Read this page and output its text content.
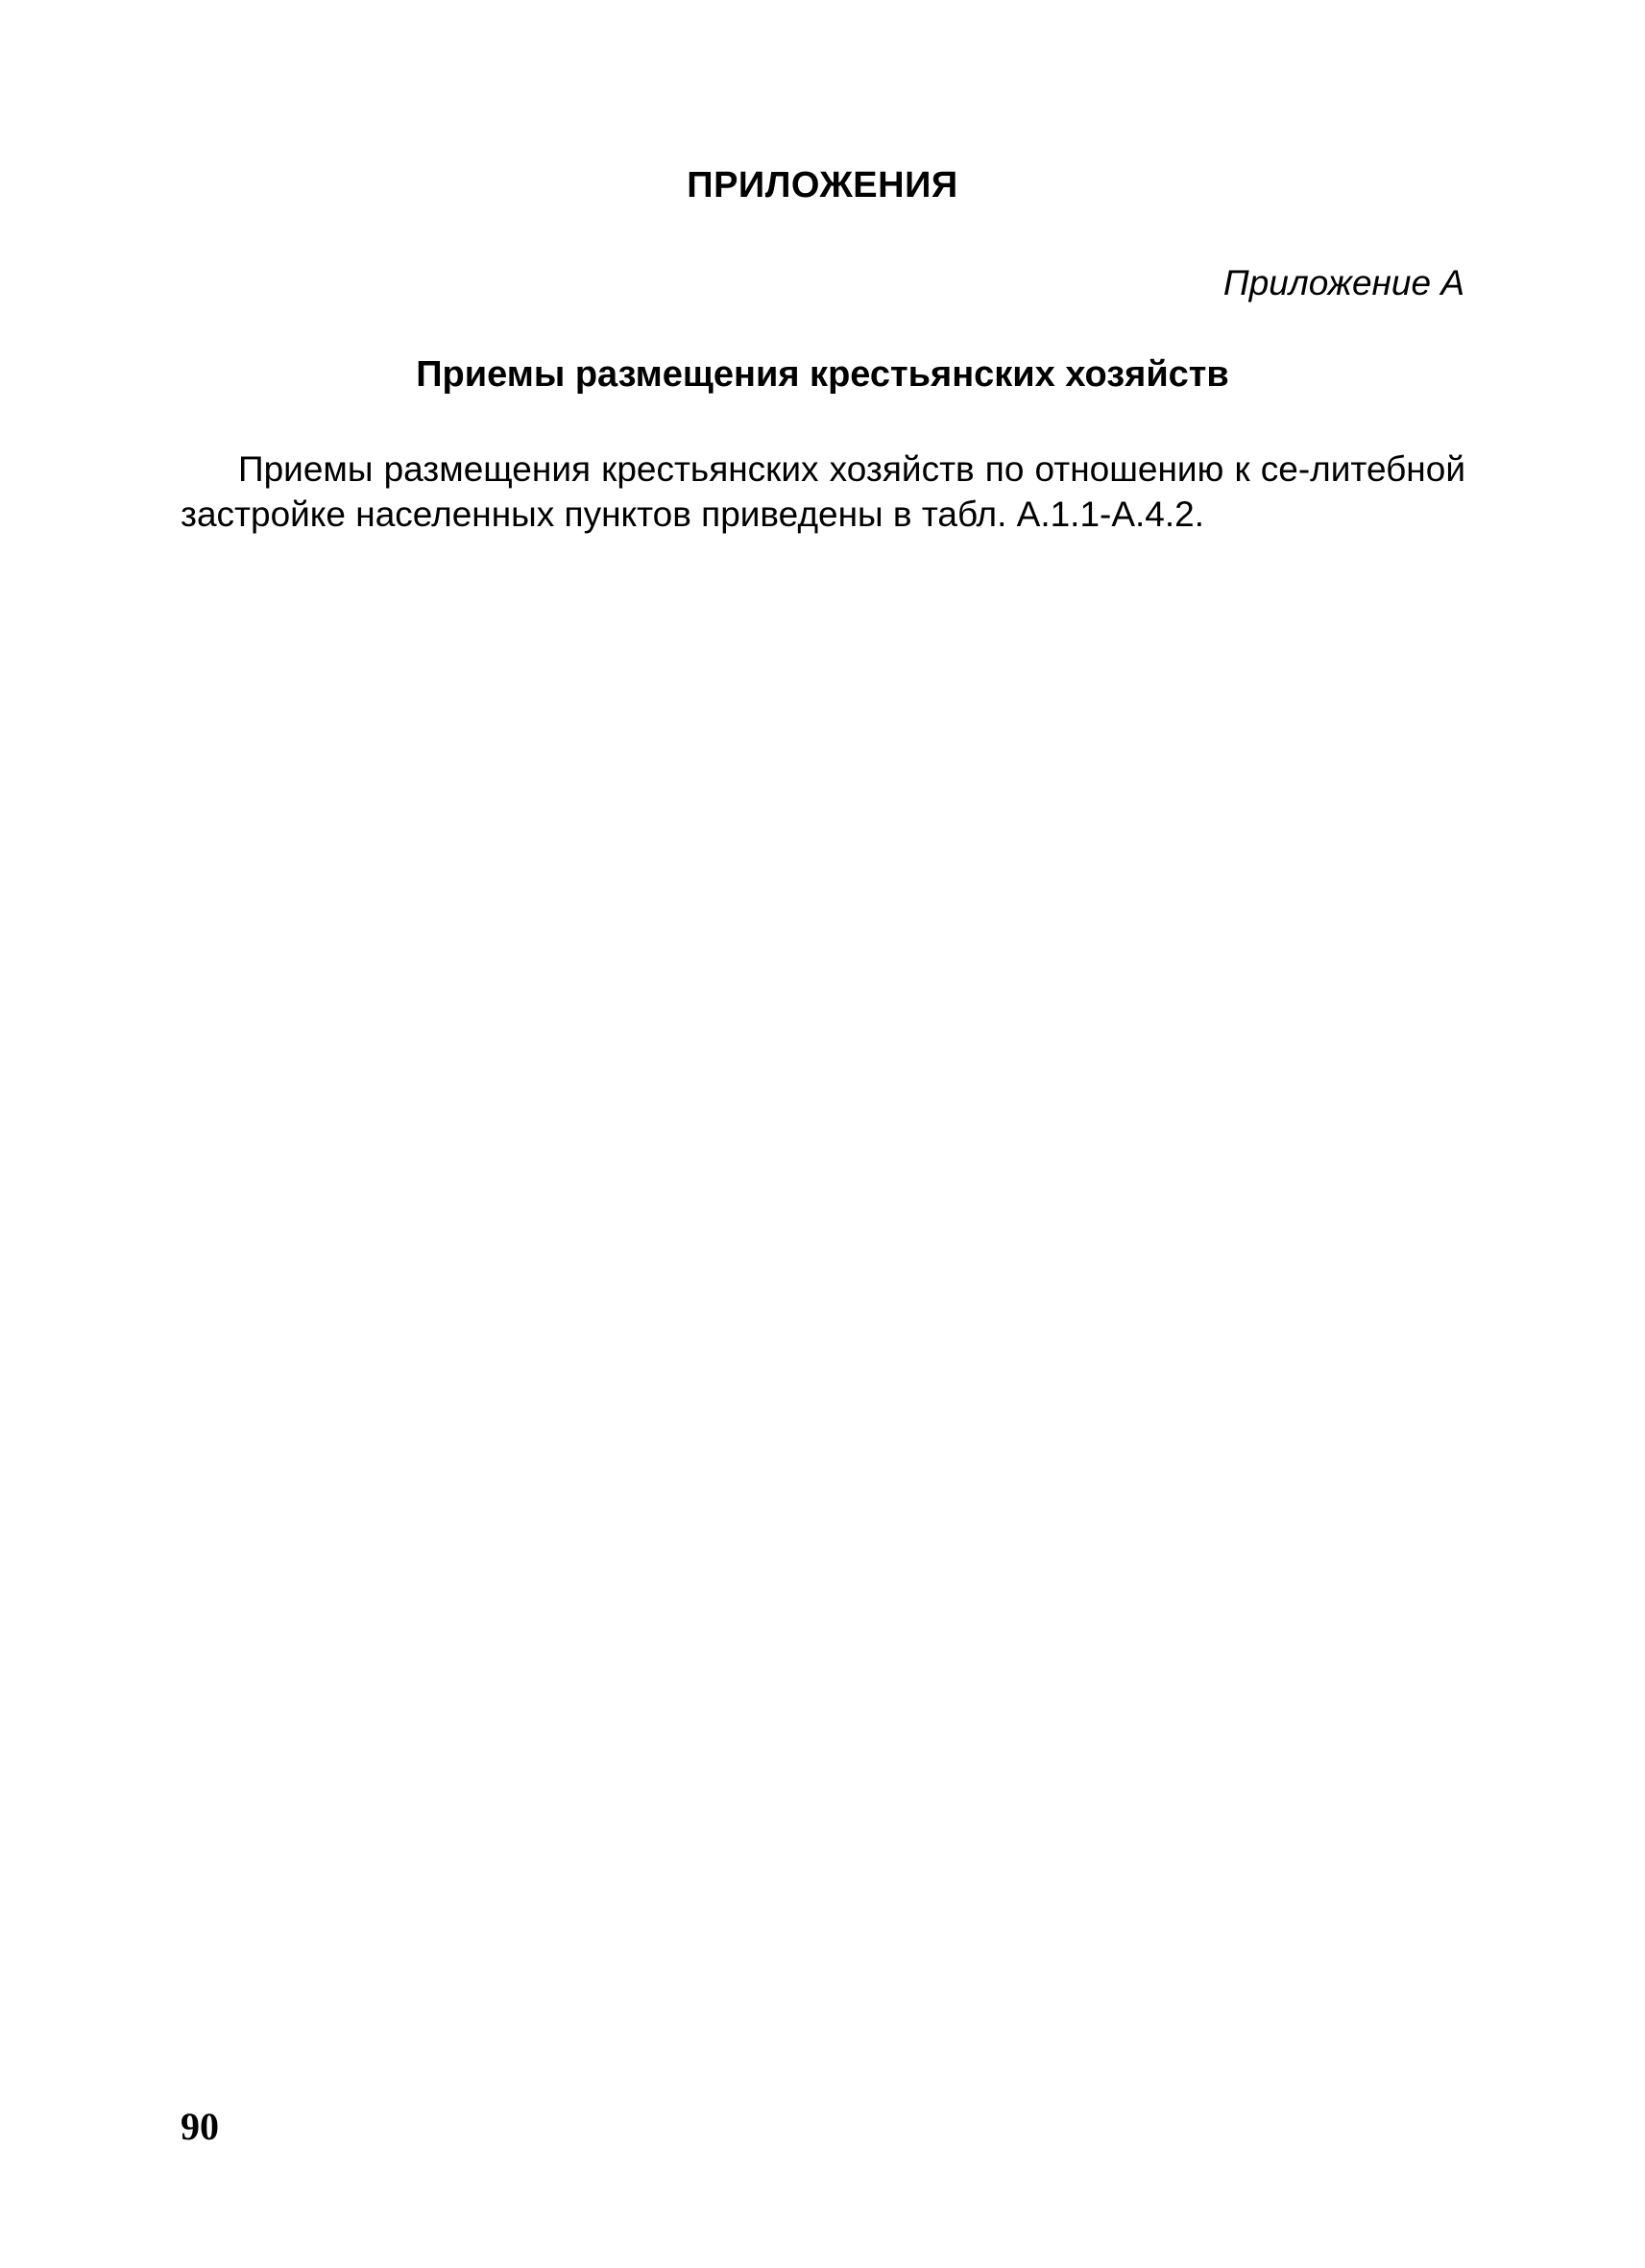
ПРИЛОЖЕНИЯ
Приложение А
Приемы размещения крестьянских хозяйств

Приемы размещения крестьянских хозяйств по отношению к се-литебной застройке населенных пунктов приведены в табл. А.1.1-А.4.2.

90
